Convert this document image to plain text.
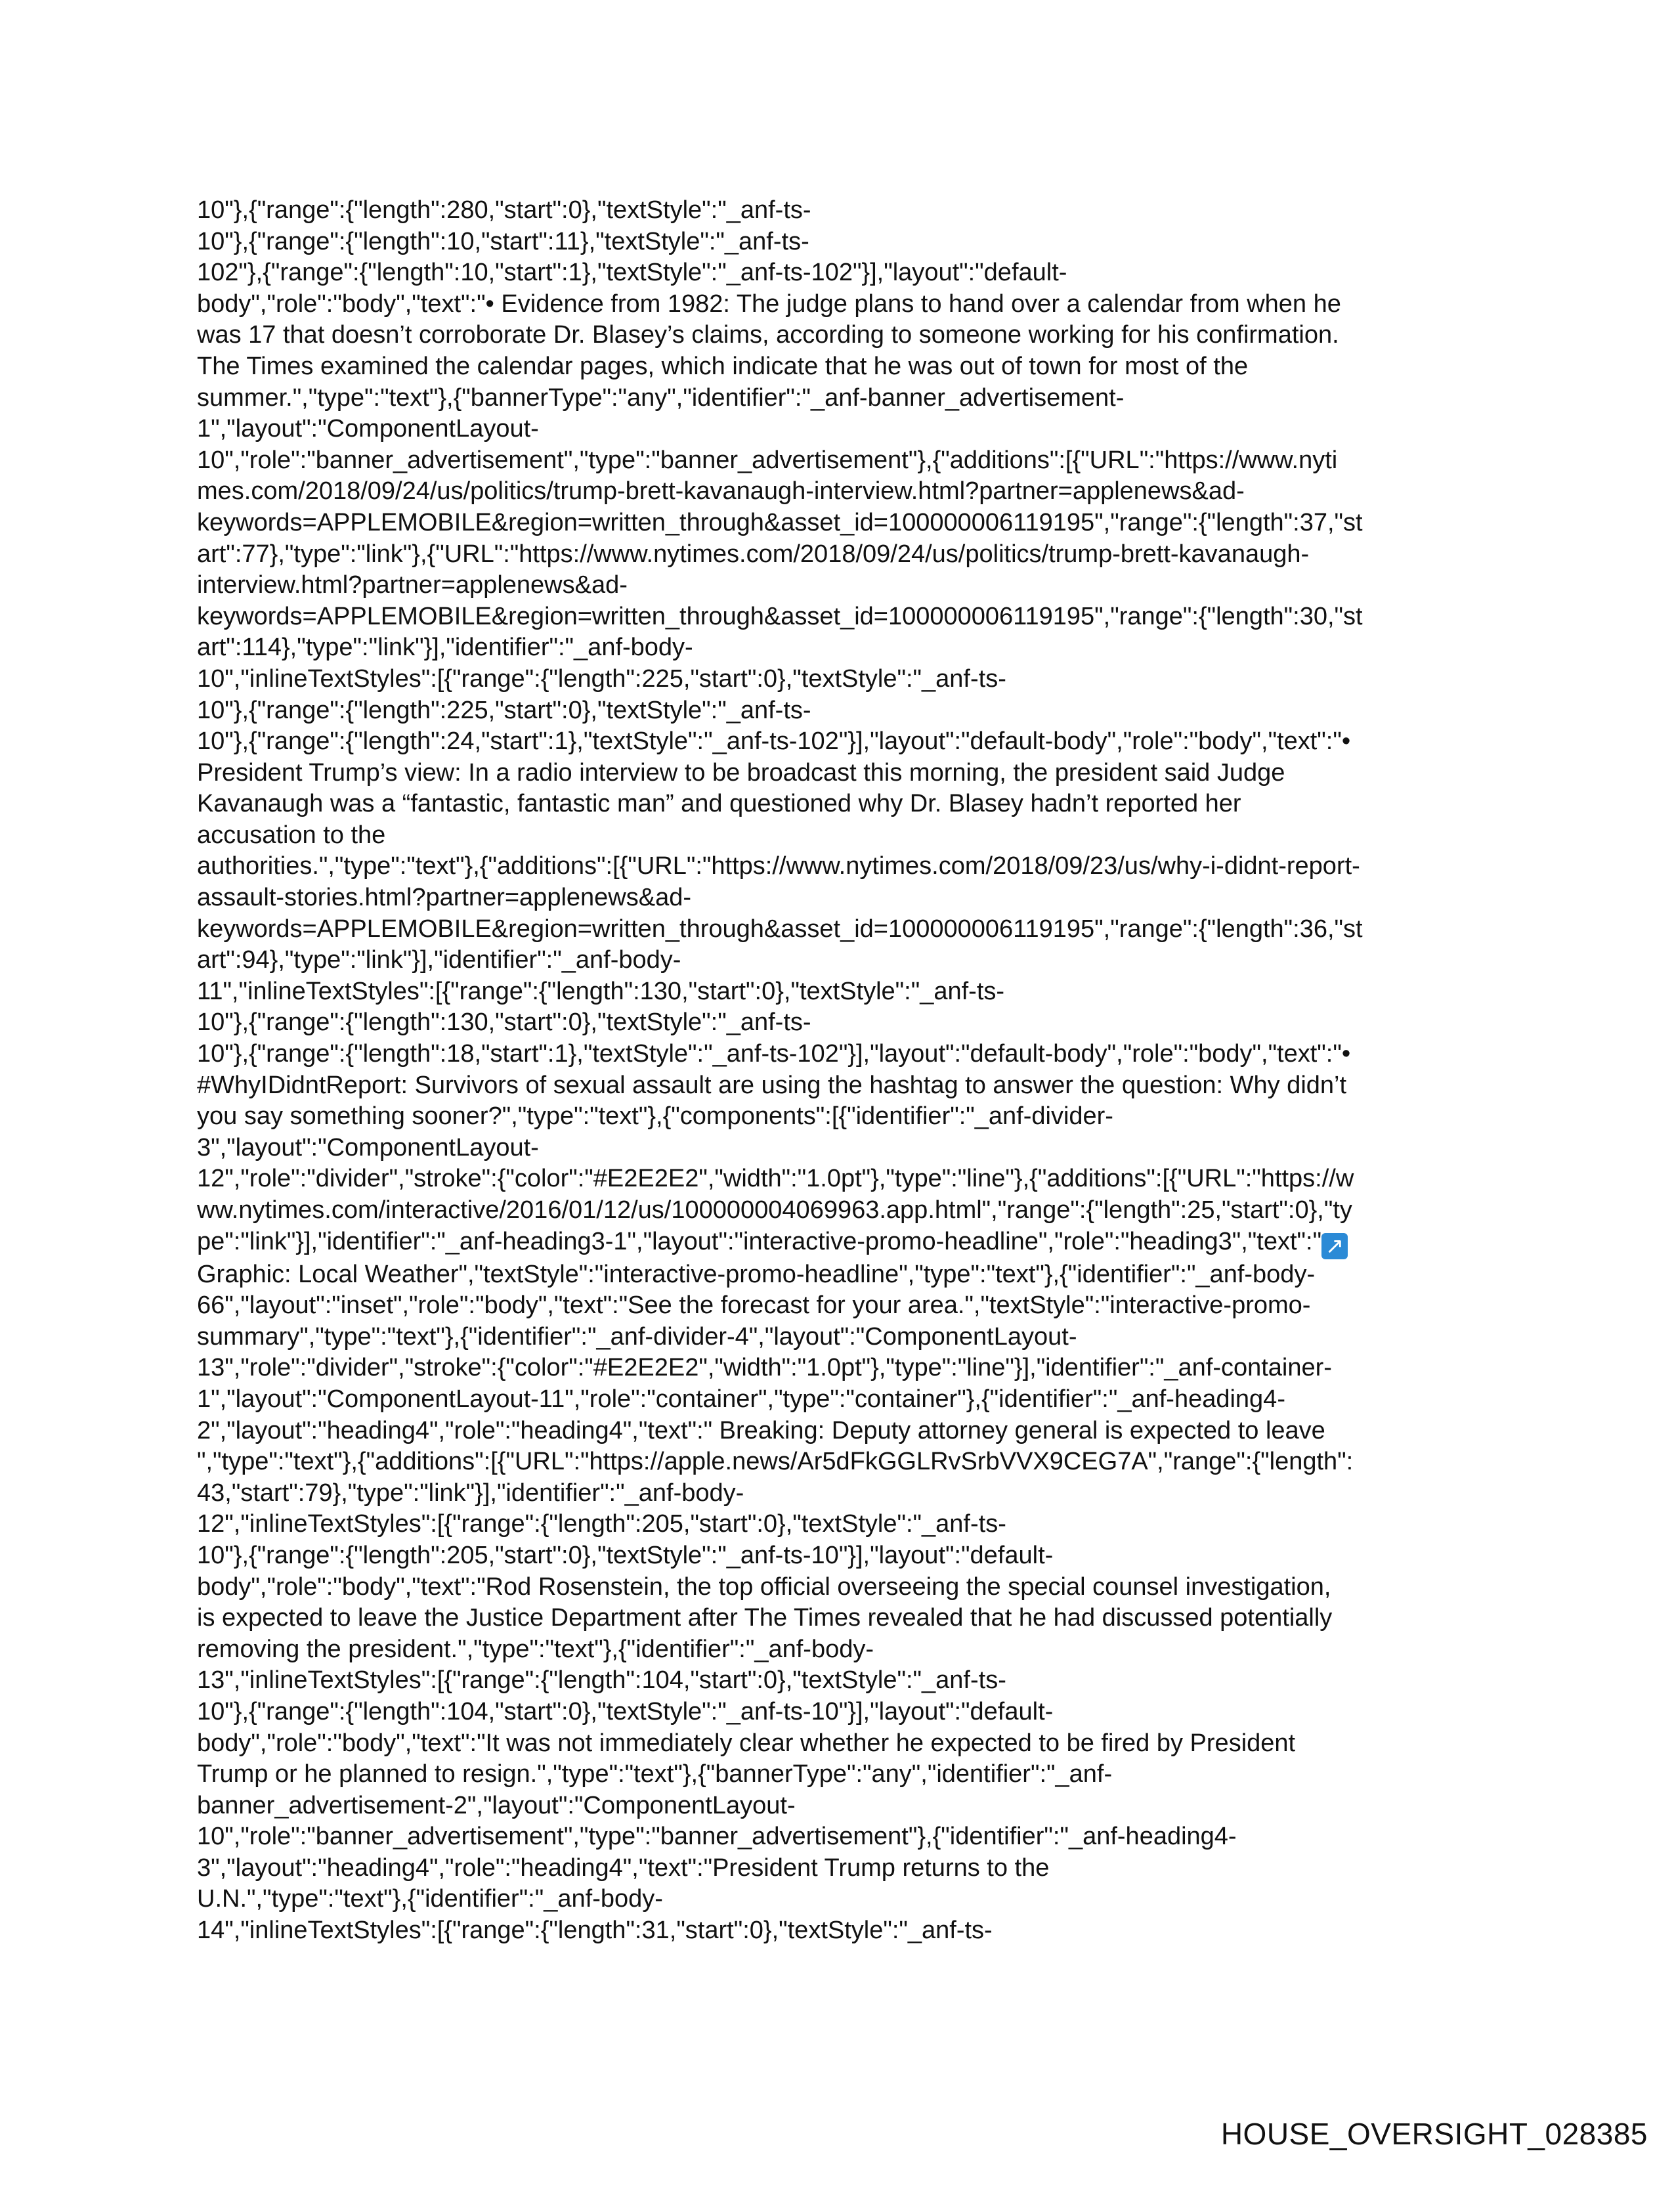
10"},{"range":{"length":280,"start":0},"textStyle":"_anf-ts-

10"},{"range":{"length":10,"start":11},"textStyle":"_anf-ts-

102"},{"range":{"length":10,"start":1},"textStyle":"_anf-ts-102"}],"layout":"default-

body","role":"body","text":"• Evidence from 1982: The judge plans to hand over a calendar from when he

was 17 that doesn’t corroborate Dr. Blasey’s claims, according to someone working for his confirmation.

The Times examined the calendar pages, which indicate that he was out of town for most of the

summer.","type":"text"},{"bannerType":"any","identifier":"_anf-banner_advertisement-

1","layout":"ComponentLayout-

10","role":"banner_advertisement","type":"banner_advertisement"},{"additions":[{"URL":"https://www.nyti

mes.com/2018/09/24/us/politics/trump-brett-kavanaugh-interview.html?partner=applenews&ad-

keywords=APPLEMOBILE&region=written_through&asset_id=100000006119195","range":{"length":37,"st

art":77},"type":"link"},{"URL":"https://www.nytimes.com/2018/09/24/us/politics/trump-brett-kavanaugh-

interview.html?partner=applenews&ad-

keywords=APPLEMOBILE&region=written_through&asset_id=100000006119195","range":{"length":30,"st

art":114},"type":"link"}],"identifier":"_anf-body-

10","inlineTextStyles":[{"range":{"length":225,"start":0},"textStyle":"_anf-ts-

10"},{"range":{"length":225,"start":0},"textStyle":"_anf-ts-

10"},{"range":{"length":24,"start":1},"textStyle":"_anf-ts-102"}],"layout":"default-body","role":"body","text":"•

President Trump’s view: In a radio interview to be broadcast this morning, the president said Judge

Kavanaugh was a “fantastic, fantastic man” and questioned why Dr. Blasey hadn’t reported her

accusation to the

authorities.","type":"text"},{"additions":[{"URL":"https://www.nytimes.com/2018/09/23/us/why-i-didnt-report-

assault-stories.html?partner=applenews&ad-

keywords=APPLEMOBILE&region=written_through&asset_id=100000006119195","range":{"length":36,"st

art":94},"type":"link"}],"identifier":"_anf-body-

11","inlineTextStyles":[{"range":{"length":130,"start":0},"textStyle":"_anf-ts-

10"},{"range":{"length":130,"start":0},"textStyle":"_anf-ts-

10"},{"range":{"length":18,"start":1},"textStyle":"_anf-ts-102"}],"layout":"default-body","role":"body","text":"•

#WhyIDidntReport: Survivors of sexual assault are using the hashtag to answer the question: Why didn’t

you say something sooner?","type":"text"},{"components":[{"identifier":"_anf-divider-

3","layout":"ComponentLayout-

12","role":"divider","stroke":{"color":"#E2E2E2","width":"1.0pt"},"type":"line"},{"additions":[{"URL":"https://w

ww.nytimes.com/interactive/2016/01/12/us/100000004069963.app.html","range":{"length":25,"start":0},"ty

pe":"link"}],"identifier":"_anf-heading3-1","layout":"interactive-promo-headline","role":"heading3","text":" ↗

Graphic: Local Weather","textStyle":"interactive-promo-headline","type":"text"},{"identifier":"_anf-body-

66","layout":"inset","role":"body","text":"See the forecast for your area.","textStyle":"interactive-promo-

summary","type":"text"},{"identifier":"_anf-divider-4","layout":"ComponentLayout-

13","role":"divider","stroke":{"color":"#E2E2E2","width":"1.0pt"},"type":"line"}],"identifier":"_anf-container-

1","layout":"ComponentLayout-11","role":"container","type":"container"},{"identifier":"_anf-heading4-

2","layout":"heading4","role":"heading4","text":" Breaking: Deputy attorney general is expected to leave

","type":"text"},{"additions":[{"URL":"https://apple.news/Ar5dFkGGLRvSrbVVX9CEG7A","range":{"length":

43,"start":79},"type":"link"}],"identifier":"_anf-body-

12","inlineTextStyles":[{"range":{"length":205,"start":0},"textStyle":"_anf-ts-

10"},{"range":{"length":205,"start":0},"textStyle":"_anf-ts-10"}],"layout":"default-

body","role":"body","text":"Rod Rosenstein, the top official overseeing the special counsel investigation,

is expected to leave the Justice Department after The Times revealed that he had discussed potentially

removing the president.","type":"text"},{"identifier":"_anf-body-

13","inlineTextStyles":[{"range":{"length":104,"start":0},"textStyle":"_anf-ts-

10"},{"range":{"length":104,"start":0},"textStyle":"_anf-ts-10"}],"layout":"default-

body","role":"body","text":"It was not immediately clear whether he expected to be fired by President

Trump or he planned to resign.","type":"text"},{"bannerType":"any","identifier":"_anf-

banner_advertisement-2","layout":"ComponentLayout-

10","role":"banner_advertisement","type":"banner_advertisement"},{"identifier":"_anf-heading4-

3","layout":"heading4","role":"heading4","text":"President Trump returns to the

U.N.","type":"text"},{"identifier":"_anf-body-

14","inlineTextStyles":[{"range":{"length":31,"start":0},"textStyle":"_anf-ts-

HOUSE_OVERSIGHT_028385
